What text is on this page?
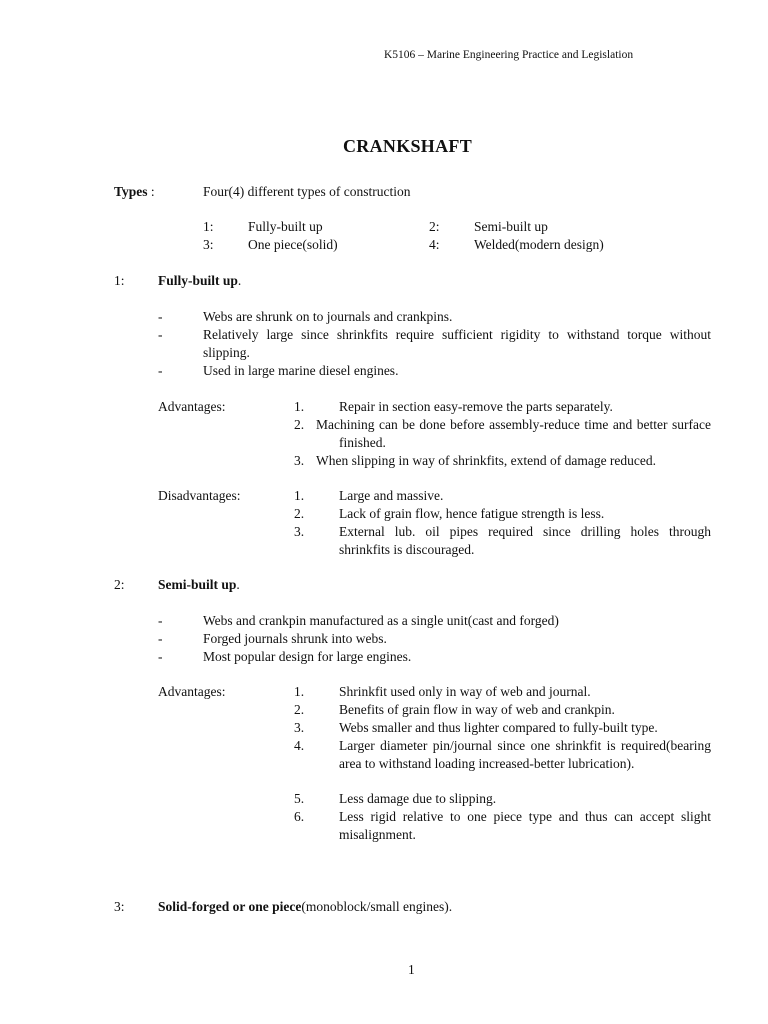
K5106 – Marine Engineering Practice and Legislation
CRANKSHAFT
Types :	Four(4) different types of construction
1:	Fully-built up	2:	Semi-built up
3:	One piece(solid)	4:	Welded(modern design)
1: Fully-built up.
-	Webs are shrunk on to journals and crankpins.
-	Relatively large since shrinkfits require sufficient rigidity to withstand torque without slipping.
-	Used in large marine diesel engines.
Advantages:	1.	Repair in section easy-remove the parts separately.
2. Machining can be done before assembly-reduce time and better surface finished.
3. When slipping in way of shrinkfits, extend of damage reduced.
Disadvantages:	1.	Large and massive.
2.	Lack of grain flow, hence fatigue strength is less.
3.	External lub. oil pipes required since drilling holes through shrinkfits is discouraged.
2: Semi-built up.
-	Webs and crankpin manufactured as a single unit(cast and forged)
-	Forged journals shrunk into webs.
-	Most popular design for large engines.
Advantages:	1.	Shrinkfit used only in way of web and journal.
2.	Benefits of grain flow in way of web and crankpin.
3.	Webs smaller and thus lighter compared to fully-built type.
4.	Larger diameter pin/journal since one shrinkfit is required(bearing area to withstand loading increased-better lubrication).
5.	Less damage due to slipping.
6.	Less rigid relative to one piece type and thus can accept slight misalignment.
3: Solid-forged or one piece(monoblock/small engines).
1
